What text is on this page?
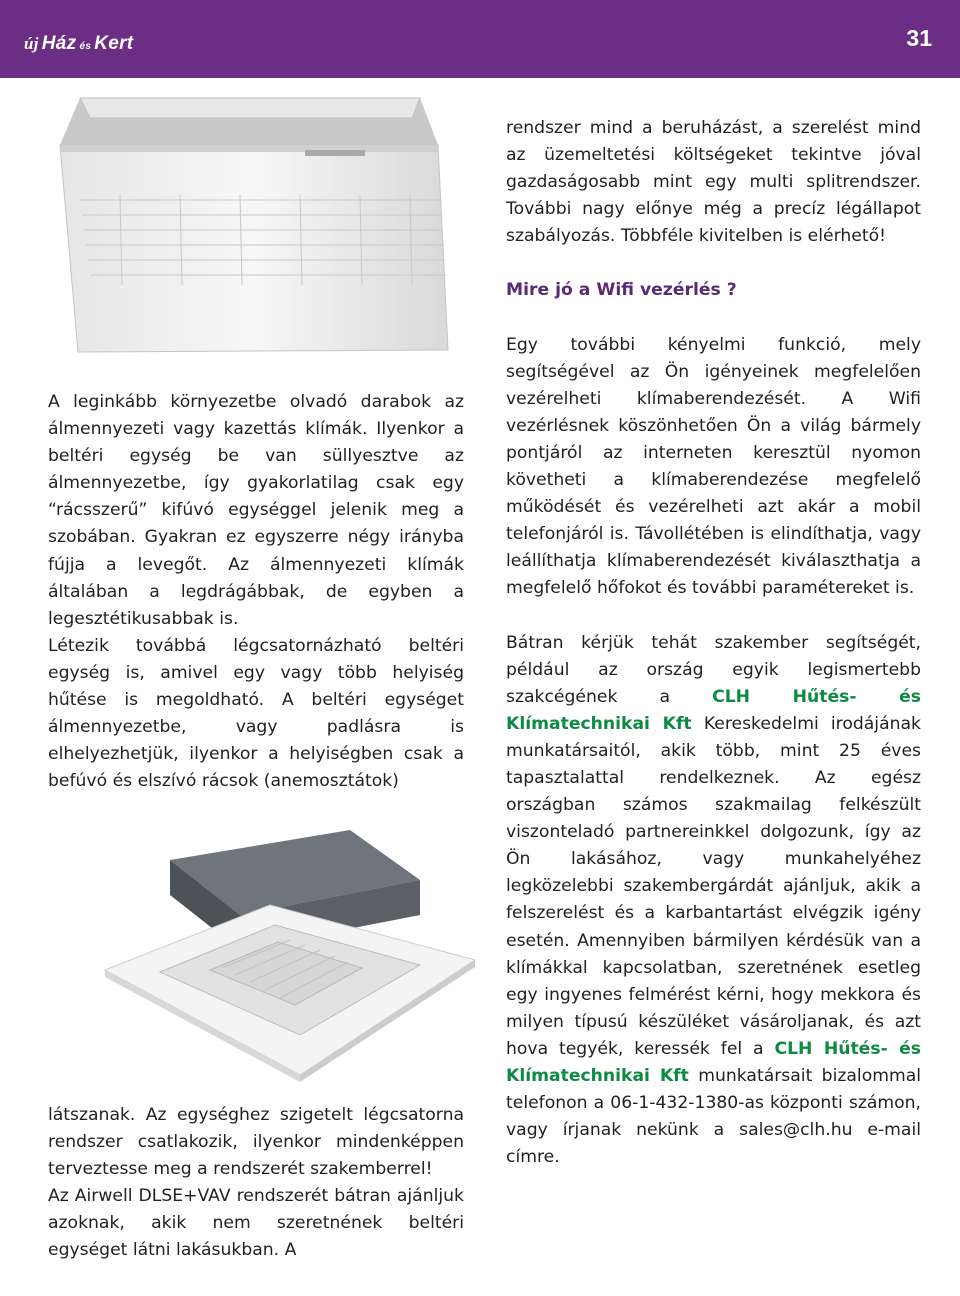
új Ház és Kert	31

A leginkább környezetbe olvadó darabok az álmennyezeti vagy kazettás klímák. Ilyenkor a beltéri egység be van süllyesztve az álmennyezetbe, így gyakorlatilag csak egy “rácsszerű” kifúvó egységgel jelenik meg a szobában. Gyakran ez egyszerre négy irányba fújja a levegőt. Az álmennyezeti klímák általában a legdrágábbak, de egyben a legesztétikusabbak is.

Létezik továbbá légcsatornázható beltéri egység is, amivel egy vagy több helyiség hűtése is megoldható. A beltéri egységet álmennyezetbe, vagy padlásra is elhelyezhetjük, ilyenkor a helyiségben csak a befúvó és elszívó rácsok (anemosztátok)

látszanak. Az egységhez szigetelt légcsatorna rendszer csatlakozik, ilyenkor mindenképpen terveztesse meg a rendszerét szakemberrel!

Az Airwell DLSE+VAV rendszerét bátran ajánljuk azoknak, akik nem szeretnének beltéri egységet látni lakásukban. A

rendszer mind a beruházást, a szerelést mind az üzemeltetési költségeket tekintve jóval gazdaságosabb mint egy multi splitrendszer. További nagy előnye még a precíz légállapot szabályozás. Többféle kivitelben is elérhető!

Mire jó a Wifi vezérlés ?

Egy további kényelmi funkció, mely segítségével az Ön igényeinek megfelelően vezérelheti klímaberendezését. A Wifi vezérlésnek köszönhetően Ön a világ bármely pontjáról az interneten keresztül nyomon követheti a klímaberendezése megfelelő működését és vezérelheti azt akár a mobil telefonjáról is. Távollétében is elindíthatja, vagy leállíthatja klímaberendezését kiválaszthatja a megfelelő hőfokot és további paramétereket is.

Bátran kérjük tehát szakember segítségét, például az ország egyik legismertebb szakcégének a CLH Hűtés- és Klímatechnikai Kft Kereskedelmi irodájának munkatársaitól, akik több, mint 25 éves tapasztalattal rendelkeznek. Az egész országban számos szakmailag felkészült viszonteladó partnereinkkel dolgozunk, így az Ön lakásához, vagy munkahelyéhez legközelebbi szakembergárdát ajánljuk, akik a felszerelést és a karbantartást elvégzik igény esetén. Amennyiben bármilyen kérdésük van a klímákkal kapcsolatban, szeretnének esetleg egy ingyenes felmérést kérni, hogy mekkora és milyen típusú készüléket vásároljanak, és azt hova tegyék, keressék fel a CLH Hűtés- és Klímatechnikai Kft munkatársait bizalommal telefonon a 06-1-432-1380-as központi számon, vagy írjanak nekünk a sales@clh.hu e-mail címre.
